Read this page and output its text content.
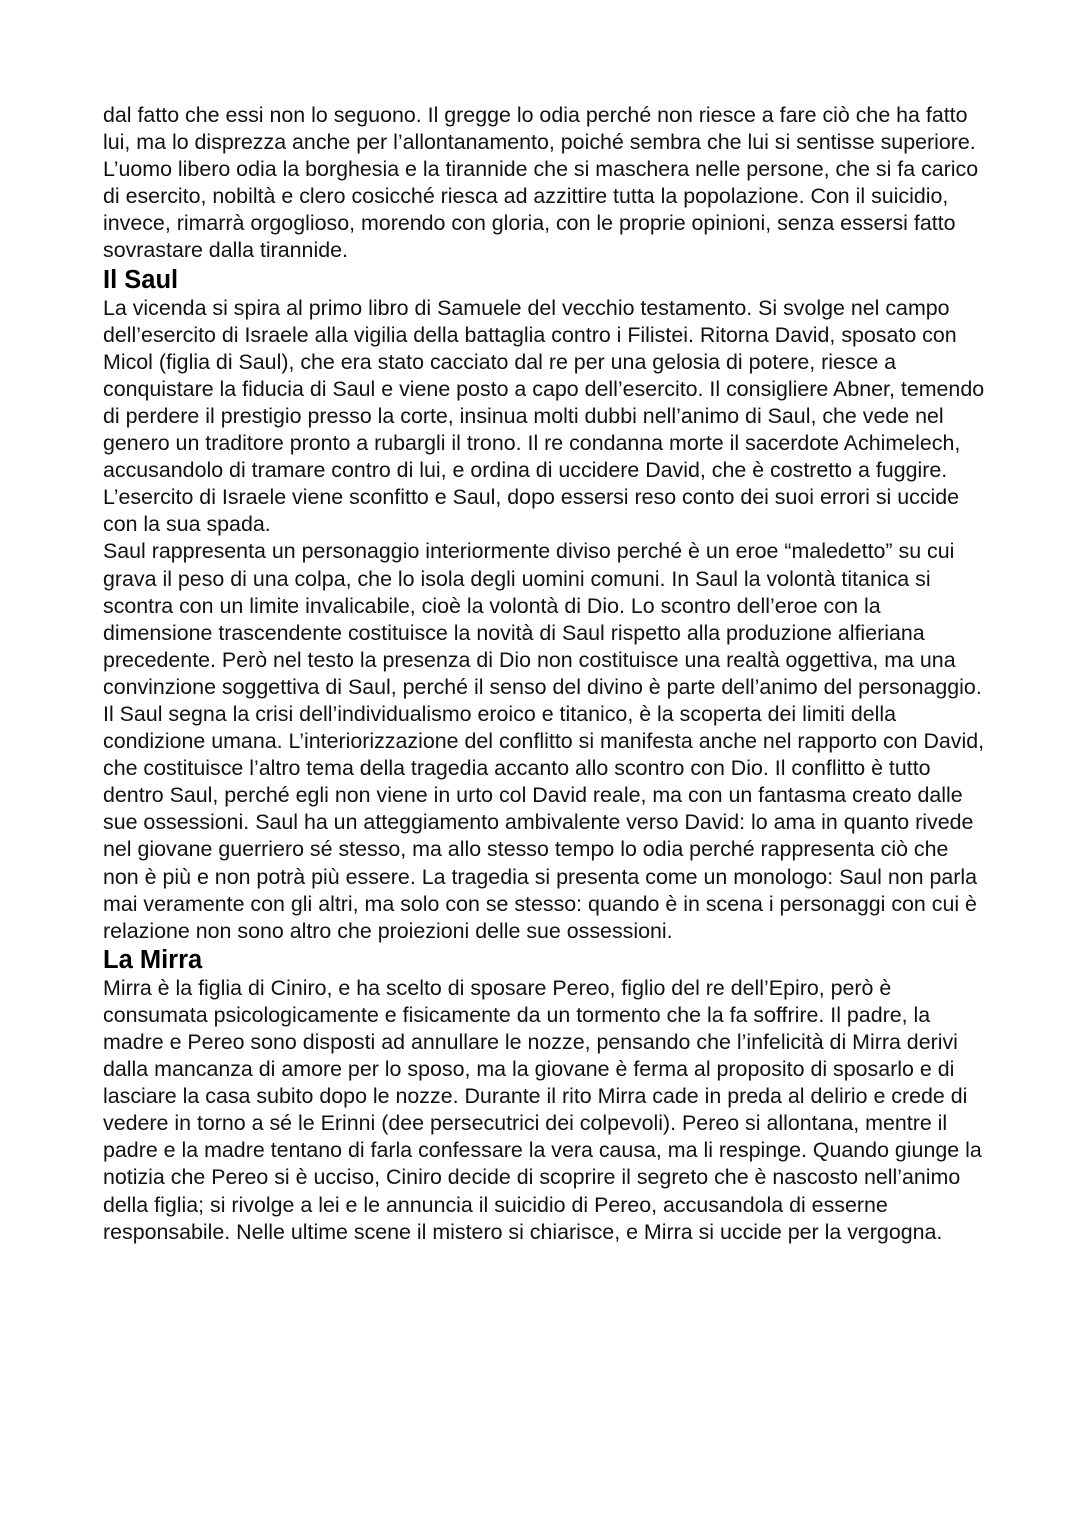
dal fatto che essi non lo seguono. Il gregge lo odia perché non riesce a fare ciò che ha fatto lui, ma lo disprezza anche per l’allontanamento, poiché sembra che lui si sentisse superiore. L’uomo libero odia la borghesia e la tirannide che si maschera nelle persone, che si fa carico di esercito, nobiltà e clero cosicché riesca ad azzittire tutta la popolazione. Con il suicidio, invece, rimarrà orgoglioso, morendo con gloria, con le proprie opinioni, senza essersi fatto sovrastare dalla tirannide.

Il Saul

La vicenda si spira al primo libro di Samuele del vecchio testamento. Si svolge nel campo dell’esercito di Israele alla vigilia della battaglia contro i Filistei. Ritorna David, sposato con Micol (figlia di Saul), che era stato cacciato dal re per una gelosia di potere, riesce a conquistare la fiducia di Saul e viene posto a capo dell’esercito. Il consigliere Abner, temendo di perdere il prestigio presso la corte, insinua molti dubbi nell’animo di Saul, che vede nel genero un traditore pronto a rubargli il trono. Il re condanna morte il sacerdote Achimelech, accusandolo di tramare contro di lui, e ordina di uccidere David, che è costretto a fuggire. L’esercito di Israele viene sconfitto e Saul, dopo essersi reso conto dei suoi errori si uccide con la sua spada.

Saul rappresenta un personaggio interiormente diviso perché è un eroe “maledetto” su cui grava il peso di una colpa, che lo isola degli uomini comuni. In Saul la volontà titanica si scontra con un limite invalicabile, cioè la volontà di Dio. Lo scontro dell’eroe con la dimensione trascendente costituisce la novità di Saul rispetto alla produzione alfieriana precedente. Però nel testo la presenza di Dio non costituisce una realtà oggettiva, ma una convinzione soggettiva di Saul, perché il senso del divino è parte dell’animo del personaggio. Il Saul segna la crisi dell’individualismo eroico e titanico, è la scoperta dei limiti della condizione umana. L’interiorizzazione del conflitto si manifesta anche nel rapporto con David, che costituisce l’altro tema della tragedia accanto allo scontro con Dio. Il conflitto è tutto dentro Saul, perché egli non viene in urto col David reale, ma con un fantasma creato dalle sue ossessioni. Saul ha un atteggiamento ambivalente verso David: lo ama in quanto rivede nel giovane guerriero sé stesso, ma allo stesso tempo lo odia perché rappresenta ciò che non è più e non potrà più essere. La tragedia si presenta come un monologo: Saul non parla mai veramente con gli altri, ma solo con se stesso: quando è in scena i personaggi con cui è relazione non sono altro che proiezioni delle sue ossessioni.

La Mirra

Mirra è la figlia di Ciniro, e ha scelto di sposare Pereo, figlio del re dell’Epiro, però è consumata psicologicamente e fisicamente da un tormento che la fa soffrire. Il padre, la madre e Pereo sono disposti ad annullare le nozze, pensando che l’infelicità di Mirra derivi dalla mancanza di amore per lo sposo, ma la giovane è ferma al proposito di sposarlo e di lasciare la casa subito dopo le nozze. Durante il rito Mirra cade in preda al delirio e crede di vedere in torno a sé le Erinni (dee persecutrici dei colpevoli). Pereo si allontana, mentre il padre e la madre tentano di farla confessare la vera causa, ma li respinge. Quando giunge la notizia che Pereo si è ucciso, Ciniro decide di scoprire il segreto che è nascosto nell’animo della figlia; si rivolge a lei e le annuncia il suicidio di Pereo, accusandola di esserne responsabile. Nelle ultime scene il mistero si chiarisce, e Mirra si uccide per la vergogna.
